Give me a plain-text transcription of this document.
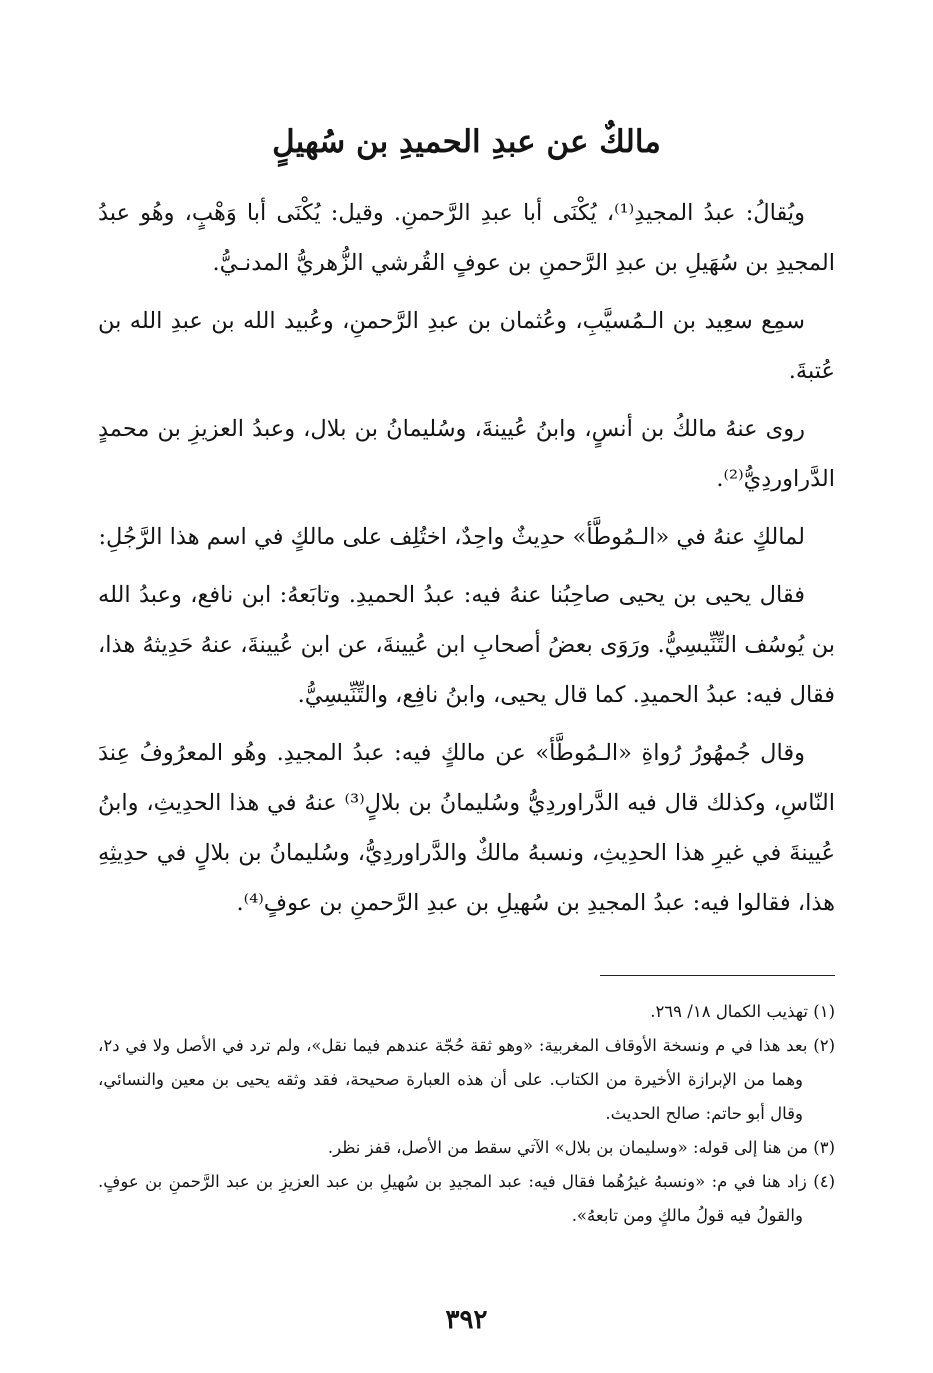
مالكٌ عن عبدِ الحميدِ بن سُهيلٍ

ويُقالُ: عبدُ المجيدِ⁽¹⁾، يُكْنَى أبا عبدِ الرَّحمنِ. وقيل: يُكْنَى أبا وَهْبٍ، وهُو عبدُ المجيدِ بن سُهَيلِ بن عبدِ الرَّحمنِ بن عوفٍ القُرشي الزُّهريُّ المدنـيُّ.

سمِع سعِيد بن الـمُسيَّبِ، وعُثمان بن عبدِ الرَّحمنِ، وعُبيد الله بن عبدِ الله بن عُتبةَ.

روى عنهُ مالكُ بن أنسٍ، وابنُ عُيينةَ، وسُليمانُ بن بلال، وعبدُ العزيزِ بن محمدٍ الدَّراوردِيُّ⁽²⁾.

لمالكٍ عنهُ في «الـمُوطَّأ» حدِيثٌ واحِدٌ، اختُلِف على مالكٍ في اسم هذا الرَّجُلِ:

فقال يحيى بن يحيى صاحِبُنا عنهُ فيه: عبدُ الحميدِ. وتابَعهُ: ابن نافع، وعبدُ الله بن يُوسُف التِّنِّيسِيُّ. ورَوَى بعضُ أصحابِ ابن عُيينةَ، عن ابن عُيينةَ، عنهُ حَدِيثهُ هذا، فقال فيه: عبدُ الحميدِ. كما قال يحيى، وابنُ نافِع، والتِّنِّيسِيُّ.

وقال جُمهُورُ رُواةِ «الـمُوطَّأ» عن مالكٍ فيه: عبدُ المجيدِ. وهُو المعرُوفُ عِندَ النّاسِ، وكذلك قال فيه الدَّراوردِيُّ وسُليمانُ بن بلالٍ⁽³⁾ عنهُ في هذا الحدِيثِ، وابنُ عُيينةَ في غيرِ هذا الحدِيثِ، ونسبهُ مالكٌ والدَّراوردِيُّ، وسُليمانُ بن بلالٍ في حدِيثِهِ هذا، فقالوا فيه: عبدُ المجيدِ بن سُهيلِ بن عبدِ الرَّحمنِ بن عوفٍ⁽⁴⁾.

(١) تهذيب الكمال ١٨/ ٢٦٩.

(٢) بعد هذا في م ونسخة الأوقاف المغربية: «وهو ثقة حُجّة عندهم فيما نقل»، ولم ترد في الأصل ولا في د٢، وهما من الإبرازة الأخيرة من الكتاب. على أن هذه العبارة صحيحة، فقد وثقه يحيى بن معين والنسائي، وقال أبو حاتم: صالح الحديث.

(٣) من هنا إلى قوله: «وسليمان بن بلال» الآتي سقط من الأصل، قفز نظر.

(٤) زاد هنا في م: «ونسبهُ غيرُهُما فقال فيه: عبد المجيدِ بن سُهيلِ بن عبد العزيزِ بن عبد الرَّحمنِ بن عوفٍ. والقولُ فيه قولُ مالكٍ ومن تابعهُ».

٣٩٢
